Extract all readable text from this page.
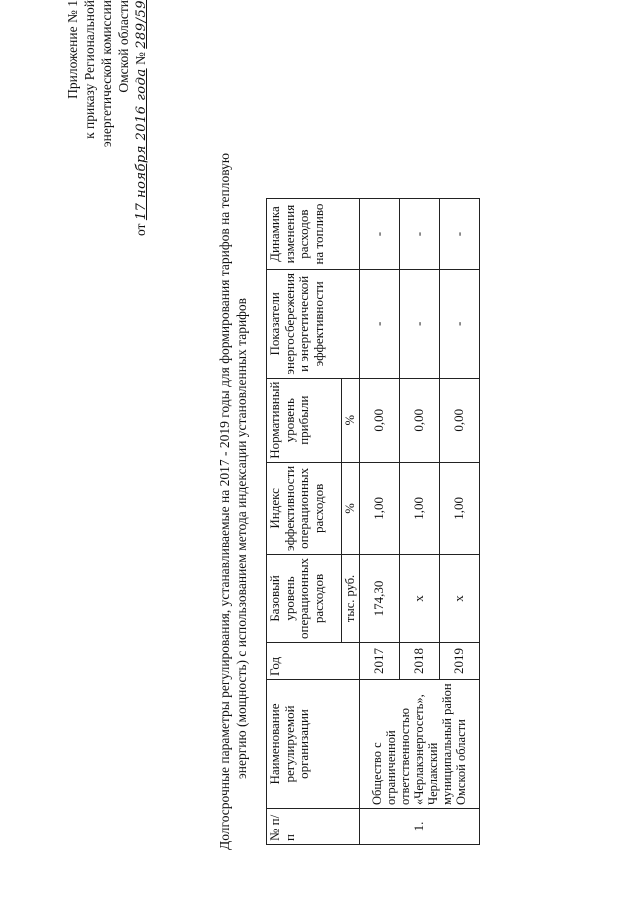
Приложение № 1 к приказу Региональной энергетической комиссии Омской области
от 17 ноября 2016 года № 289/59
Долгосрочные параметры регулирования, устанавливаемые на 2017 - 2019 годы для формирования тарифов на тепловую энергию (мощность) с использованием метода индексации установленных тарифов
№ п/п	Наименование регулируемой организации	Год	Базовый уровень операционных расходов	Индекс эффективности операционных расходов	Нормативный уровень прибыли	Показатели энергосбережения и энергетической эффективности	Динамика изменения расходов на топливо
			тыс. руб.	%	%		
1.	Общество с ограниченной ответственностью «Черлакэнергосеть», Черлакский муниципальный район Омской области	2017	174,30	1,00	0,00	-	-
		2018	x	1,00	0,00	-	-
		2019	x	1,00	0,00	-	-
